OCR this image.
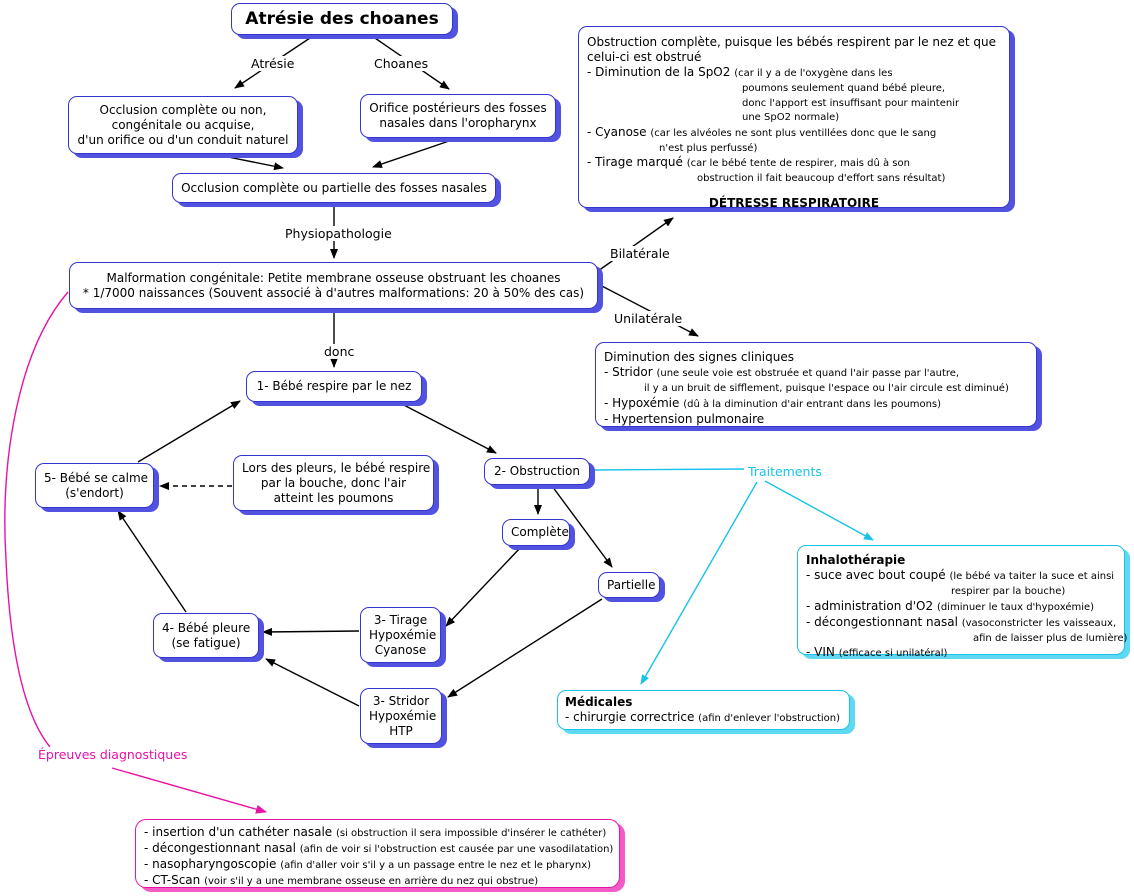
Atrésie des choanes
Occlusion complète ou non,
congénitale ou acquise,
d'un orifice ou d'un conduit naturel
Orifice postérieurs des fosses
nasales dans l'oropharynx
Occlusion complète ou partielle des fosses nasales
Malformation congénitale: Petite membrane osseuse obstruant les choanes
* 1/7000 naissances (Souvent associé à d'autres malformations: 20 à 50% des cas)
1- Bébé respire par le nez
5- Bébé se calme
(s'endort)
Lors des pleurs, le bébé respire
par la bouche, donc l'air
atteint les poumons
2- Obstruction
Complète
Partielle
3- Tirage
Hypoxémie
Cyanose
3- Stridor
Hypoxémie
HTP
4- Bébé pleure
(se fatigue)
Obstruction complète, puisque les bébés respirent par le nez et que
celui-ci est obstrué
- Diminution de la SpO2 (car il y a de l'oxygène dans les
poumons seulement quand bébé pleure,
donc l'apport est insuffisant pour maintenir
une SpO2 normale)
- Cyanose (car les alvéoles ne sont plus ventillées donc que le sang
n'est plus perfussé)
- Tirage marqué (car le bébé tente de respirer, mais dû à son
obstruction il fait beaucoup d'effort sans résultat)
DÉTRESSE RESPIRATOIRE
Diminution des signes cliniques
- Stridor (une seule voie est obstruée et quand l'air passe par l'autre,
il y a un bruit de sifflement, puisque l'espace ou l'air circule est diminué)
- Hypoxémie (dû à la diminution d'air entrant dans les poumons)
- Hypertension pulmonaire
Inhalothérapie
- suce avec bout coupé (le bébé va taiter la suce et ainsi
respirer par la bouche)
- administration d'O2 (diminuer le taux d'hypoxémie)
- décongestionnant nasal (vasoconstricter les vaisseaux,
afin de laisser plus de lumière)
- VIN (efficace si unilatéral)
Médicales
- chirurgie correctrice (afin d'enlever l'obstruction)
- insertion d'un cathéter nasale (si obstruction il sera impossible d'insérer le cathéter)
- décongestionnant nasal (afin de voir si l'obstruction est causée par une vasodilatation)
- nasopharyngoscopie (afin d'aller voir s'il y a un passage entre le nez et le pharynx)
- CT-Scan (voir s'il y a une membrane osseuse en arrière du nez qui obstrue)
Atrésie	Choanes
Physiopathologie
donc
Bilatérale
Unilatérale
Traitements
Épreuves diagnostiques
